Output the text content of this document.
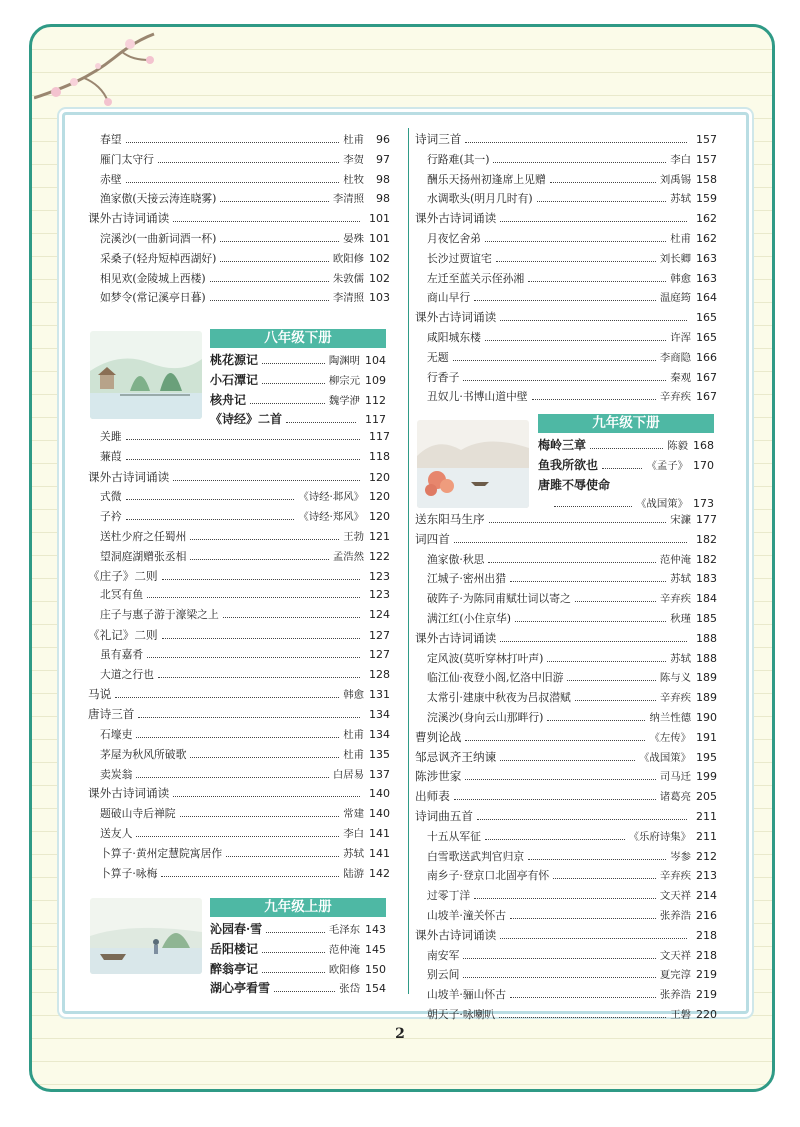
春望	杜甫	96
雁门太守行	李贺	97
赤壁	杜牧	98
渔家傲(天接云涛连晓雾)	李清照	98
课外古诗词诵读	101
浣溪沙(一曲新词酒一杯)	晏殊 101
采桑子(轻舟短棹西湖好)	欧阳修 102
相见欢(金陵城上西楼)	朱敦儒 102
如梦令(常记溪亭日暮)	李清照 103
八年级下册
桃花源记	陶渊明 104
小石潭记	柳宗元 109
核舟记	魏学洢 112
《诗经》二首	117
关雎	117
蒹葭	118
课外古诗词诵读	120
式微	《诗经·邶风》 120
子衿	《诗经·郑风》 120
送杜少府之任蜀州	王勃 121
望洞庭湖赠张丞相	孟浩然 122
《庄子》二则	123
北冥有鱼	123
庄子与惠子游于濠梁之上	124
《礼记》二则	127
虽有嘉肴	127
大道之行也	128
马说	韩愈 131
唐诗三首	134
石壕吏	杜甫 134
茅屋为秋风所破歌	杜甫 135
卖炭翁	白居易 137
课外古诗词诵读	140
题破山寺后禅院	常建 140
送友人	李白 141
卜算子·黄州定慧院寓居作	苏轼 141
卜算子·咏梅	陆游 142
九年级上册
沁园春·雪	毛泽东 143
岳阳楼记	范仲淹 145
醉翁亭记	欧阳修 150
湖心亭看雪	张岱 154
诗词三首	157
行路难(其一)	李白 157
酬乐天扬州初逢席上见赠	刘禹锡 158
水调歌头(明月几时有)	苏轼 159
课外古诗词诵读	162
月夜忆舍弟	杜甫 162
长沙过贾谊宅	刘长卿 163
左迁至蓝关示侄孙湘	韩愈 163
商山早行	温庭筠 164
课外古诗词诵读	165
咸阳城东楼	许浑 165
无题	李商隐 166
行香子	秦观 167
丑奴儿·书博山道中壁	辛弃疾 167
九年级下册
梅岭三章	陈毅 168
鱼我所欲也	《孟子》 170
唐雎不辱使命
《战国策》 173
送东阳马生序	宋濂 177
词四首	182
渔家傲·秋思	范仲淹 182
江城子·密州出猎	苏轼 183
破阵子·为陈同甫赋壮词以寄之	辛弃疾 184
满江红(小住京华)	秋瑾 185
课外古诗词诵读	188
定风波(莫听穿林打叶声)	苏轼 188
临江仙·夜登小阁,忆洛中旧游	陈与义 189
太常引·建康中秋夜为吕叔潜赋	辛弃疾 189
浣溪沙(身向云山那畔行)	纳兰性德 190
曹刿论战	《左传》 191
邹忌讽齐王纳谏	《战国策》 195
陈涉世家	司马迁 199
出师表	诸葛亮 205
诗词曲五首	211
十五从军征	《乐府诗集》 211
白雪歌送武判官归京	岑参 212
南乡子·登京口北固亭有怀	辛弃疾 213
过零丁洋	文天祥 214
山坡羊·潼关怀古	张养浩 216
课外古诗词诵读	218
南安军	文天祥 218
别云间	夏完淳 219
山坡羊·骊山怀古	张养浩 219
朝天子·咏喇叭	王磐 220
2
